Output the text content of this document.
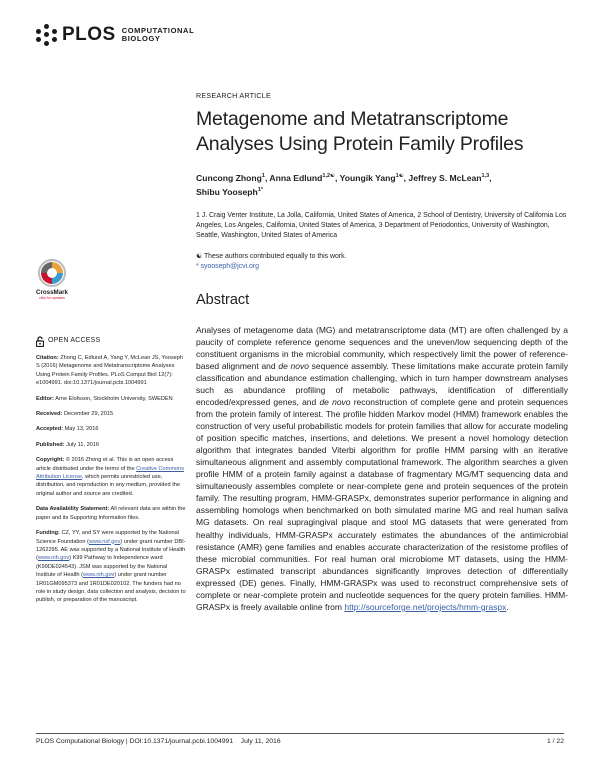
PLOS COMPUTATIONAL
BIOLOGY
RESEARCH ARTICLE
Metagenome and Metatranscriptome
Analyses Using Protein Family Profiles
Cuncong Zhong$^1$, Anna Edlund$^{1,2☯}$, Youngik Yang$^{1☯}$, Jeffrey S. McLean$^{1,3}$,
Shibu Yooseph$^{1*}$
1 J. Craig Venter Institute, La Jolla, California, United States of America, 2 School of Dentistry, University of California Los Angeles, Los Angeles, California, United States of America, 3 Department of Periodontics, University of Washington, Seattle, Washington, United States of America
☯ These authors contributed equally to this work.
* syooseph@jcvi.org
Abstract

Analyses of metagenome data (MG) and metatranscriptome data (MT) are often challenged by a paucity of complete reference genome sequences and the uneven/low sequencing depth of the constituent organisms in the microbial community, which respectively limit the power of reference-based alignment and de novo sequence assembly. These limitations make accurate protein family classification and abundance estimation challenging, which in turn hamper downstream analyses such as abundance profiling of metabolic pathways, identification of differentially encoded/expressed genes, and de novo reconstruction of complete gene and protein sequences from the protein family of interest. The profile hidden Markov model (HMM) framework enables the construction of very useful probabilistic models for protein families that allow for accurate modeling of position specific matches, insertions, and deletions. We present a novel homology detection algorithm that integrates banded Viterbi algorithm for profile HMM parsing with an iterative simultaneous alignment and assembly computational framework. The algorithm searches a given profile HMM of a protein family against a database of fragmentary MG/MT sequencing data and simultaneously assembles complete or near-complete gene and protein sequences of the protein family. The resulting program, HMM-GRASPx, demonstrates superior performance in aligning and assembling homologs when benchmarked on both simulated marine MG and real human saliva MG datasets. On real supragingival plaque and stool MG datasets that were generated from healthy individuals, HMM-GRASPx accurately estimates the abundances of the antimicrobial resistance (AMR) gene families and enables accurate characterization of the resistome profiles of these microbial communities. For real human oral microbiome MT datasets, using the HMM-GRASPx estimated transcript abundances significantly improves detection of differentially expressed (DE) genes. Finally, HMM-GRASPx was used to reconstruct comprehensive sets of complete or near-complete protein and nucleotide sequences for the query protein families. HMM-GRASPx is freely available online from http://sourceforge.net/projects/hmm-graspx.

CrossMark
click for updates
OPEN ACCESS
Citation: Zhong C, Edlund A, Yang Y, McLean JS, Yooseph S (2016) Metagenome and Metatranscriptome Analyses Using Protein Family Profiles. PLoS Comput Biol 12(7): e1004991. doi:10.1371/journal.pcbi.1004991
Editor: Arne Elofsson, Stockholm University, SWEDEN
Received: December 29, 2015
Accepted: May 13, 2016
Published: July 11, 2016
Copyright: © 2016 Zhong et al. This is an open access article distributed under the terms of the Creative Commons Attribution License, which permits unrestricted use, distribution, and reproduction in any medium, provided the original author and source are credited.
Data Availability Statement: All relevant data are within the paper and its Supporting Information files.
Funding: CZ, YY, and SY were supported by the National Science Foundation (www.nsf.gov) under grant number DBI-1262295. AE was supported by a National Institute of Health (www.nih.gov) K99 Pathway to Independence ward (K99DE024543). JSM was supported by the National Institute of Health (www.nih.gov) under grant number 1R01GM095373 and 1R01DE020102. The funders had no role in study design, data collection and analysis, decision to publish, or preparation of the manuscript.
PLOS Computational Biology | DOI:10.1371/journal.pcbi.1004991    July 11, 2016	1 / 22
